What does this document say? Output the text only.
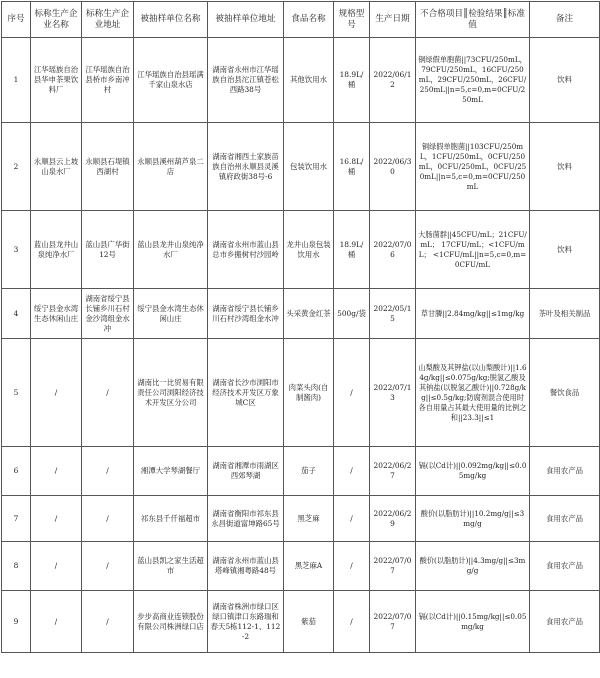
序号	标称生产企业名称	标称生产企业地址	被抽样单位名称	被抽样单位地址	食品名称	规格型号	生产日期	不合格项目║检验结果║标准值	备注
1	江华瑶族自治县华申茶果饮料厂	江华瑶族自治县桥市乡南冲村	江华瑶族自治县瑶满千家山泉水店	湖南省永州市江华瑶族自治县沱江镇苍松西路38号	其他饮用水	18.9L/桶	2022/06/12	铜绿假单胞菌||73CFU/250mL，79CFU/250mL，16CFU/250mL，29CFU/250mL，26CFU/250mL||n=5,c=0,m=0CFU/250mL	饮料
2	永顺县云上坡山泉水厂	永顺县石堤镇西湖村	永顺县溪州葫芦泉二店	湖南省湘西土家族苗族自治州永顺县灵溪镇府政街38号-6	包装饮用水	16.8L/桶	2022/06/30	铜绿假单胞菌||103CFU/250mL，1CFU/250mL，0CFU/250mL，0CFU/250mL，0CFU/250mL||n=5,c=0,m=0CFU/250mL	饮料
3	蓝山县龙井山泉纯净水厂	蓝山县广华街12号	蓝山县龙井山泉纯净水厂	湖南省永州市蓝山县总市乡搬树村沙园岭	龙井山泉包装饮用水	18.9L/桶	2022/07/06	大肠菌群||45CFU/mL；21CFU/mL； 17CFU/mL；<1CFU/mL； <1CFU/mL||n=5,c=0,m=0CFU/mL	饮料
4	绥宁县金水湾生态休闲山庄	湖南省绥宁县长铺乡川石村金沙湾组金水冲	绥宁县金水湾生态休闲山庄	湖南省绥宁县长铺乡川石村沙湾组金水冲	头采黄金红茶	500g/袋	2022/05/15	草甘膦||2.84mg/kg||≤1mg/kg	茶叶及相关制品
5	/	/	湖南比一比贸易有限责任公司浏阳经济技术开发区分公司	湖南省长沙市浏阳市经济技术开发区万象城C区	肉菜头肉(自制酱肉)	/	2022/07/13	山梨酸及其钾盐(以山梨酸计)||1.64g/kg||≤0.075g/kg;脱氢乙酸及其钠盐(以脱氢乙酸计)||0.728g/kg||≤0.5g/kg;防腐剂混合使用时各自用量占其最大使用量的比例之和||23.3||≤1	餐饮食品
6	/	/	湘潭大学琴湖餐厅	湖南省湘潭市雨湖区西郊琴湖	茄子	/	2022/06/27	镉(以Cd计)||0.092mg/kg||≤0.05mg/kg	食用农产品
7	/	/	祁东县千仟福超市	湖南省衡阳市祁东县永昌街道富坤路65号	黑芝麻	/	2022/06/29	酸价(以脂肪计)||10.2mg/g||≤3mg/g	食用农产品
8	/	/	蓝山县凯之家生活超市	湖南省永州市蓝山县塔峰镇湘粤路48号	黑芝麻A	/	2022/07/07	酸价(以脂肪计)||4.3mg/g||≤3mg/g	食用农产品
9	/	/	步步高商业连锁股份有限公司株洲绿口店	湖南省株洲市绿口区绿口镇津口东路瑞和春天5栋112-1、112-2	紫茄	/	2022/07/07	镉(以Cd计)||0.15mg/kg||≤0.05mg/kg	食用农产品
